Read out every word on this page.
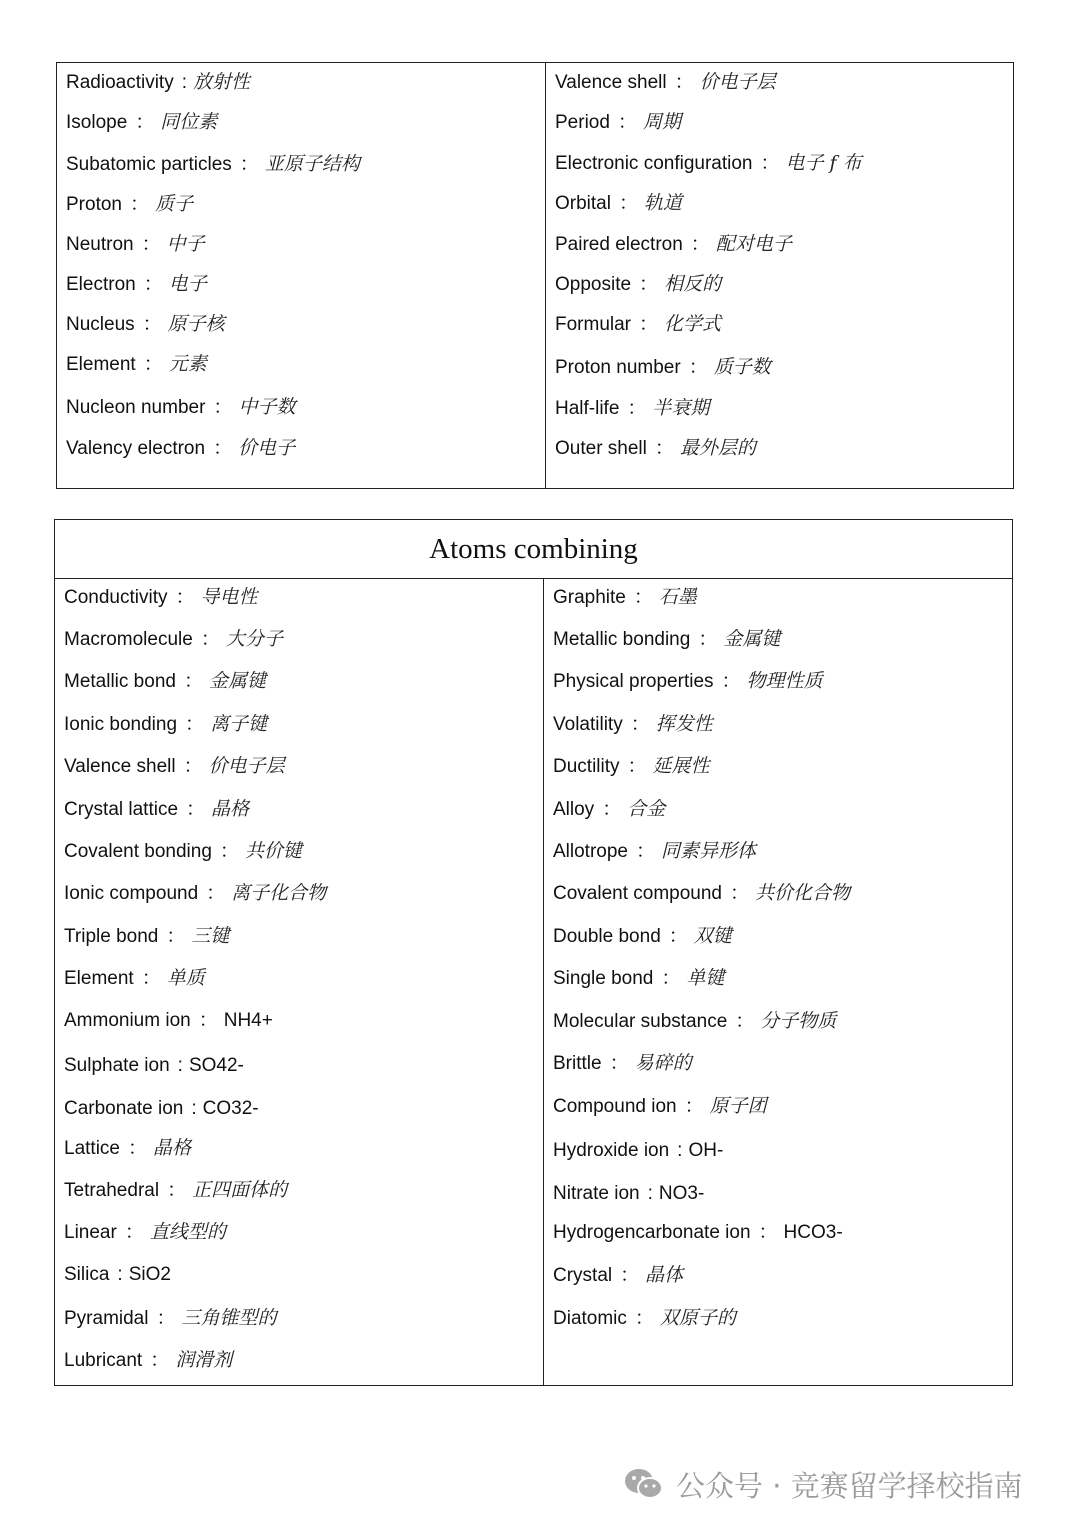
Radioactivity : 放射性
Isolope ： 同位素
Subatomic particles ： 亚原子结构
Proton ： 质子
Neutron ： 中子
Electron ： 电子
Nucleus ： 原子核
Element ： 元素
Nucleon number ： 中子数
Valency electron ： 价电子
Valence shell ： 价电子层
Period ： 周期
Electronic configuration ： 电子 f 布
Orbital ： 轨道
Paired electron ： 配对电子
Opposite ： 相反的
Formular ： 化学式
Proton number ： 质子数
Half-life ： 半衰期
Outer shell ： 最外层的
Atoms combining
Conductivity ： 导电性
Macromolecule ： 大分子
Metallic bond ： 金属键
Ionic bonding ： 离子键
Valence shell ： 价电子层
Crystal lattice ： 晶格
Covalent bonding ： 共价键
Ionic compound ： 离子化合物
Triple bond ： 三键
Element ： 单质
Ammonium ion ： NH4+
Sulphate ion : SO42-
Carbonate ion : CO32-
Lattice ： 晶格
Tetrahedral ： 正四面体的
Linear ： 直线型的
Silica : SiO2
Pyramidal ： 三角锥型的
Lubricant ： 润滑剂
Graphite ： 石墨
Metallic bonding ： 金属键
Physical properties ： 物理性质
Volatility ： 挥发性
Ductility ： 延展性
Alloy ： 合金
Allotrope ： 同素异形体
Covalent compound ： 共价化合物
Double bond ： 双键
Single bond ： 单键
Molecular substance ： 分子物质
Brittle ： 易碎的
Compound ion ： 原子团
Hydroxide ion : OH-
Nitrate ion : NO3-
Hydrogencarbonate ion ： HCO3-
Crystal ： 晶体
Diatomic ： 双原子的
公众号 · 竞赛留学择校指南
